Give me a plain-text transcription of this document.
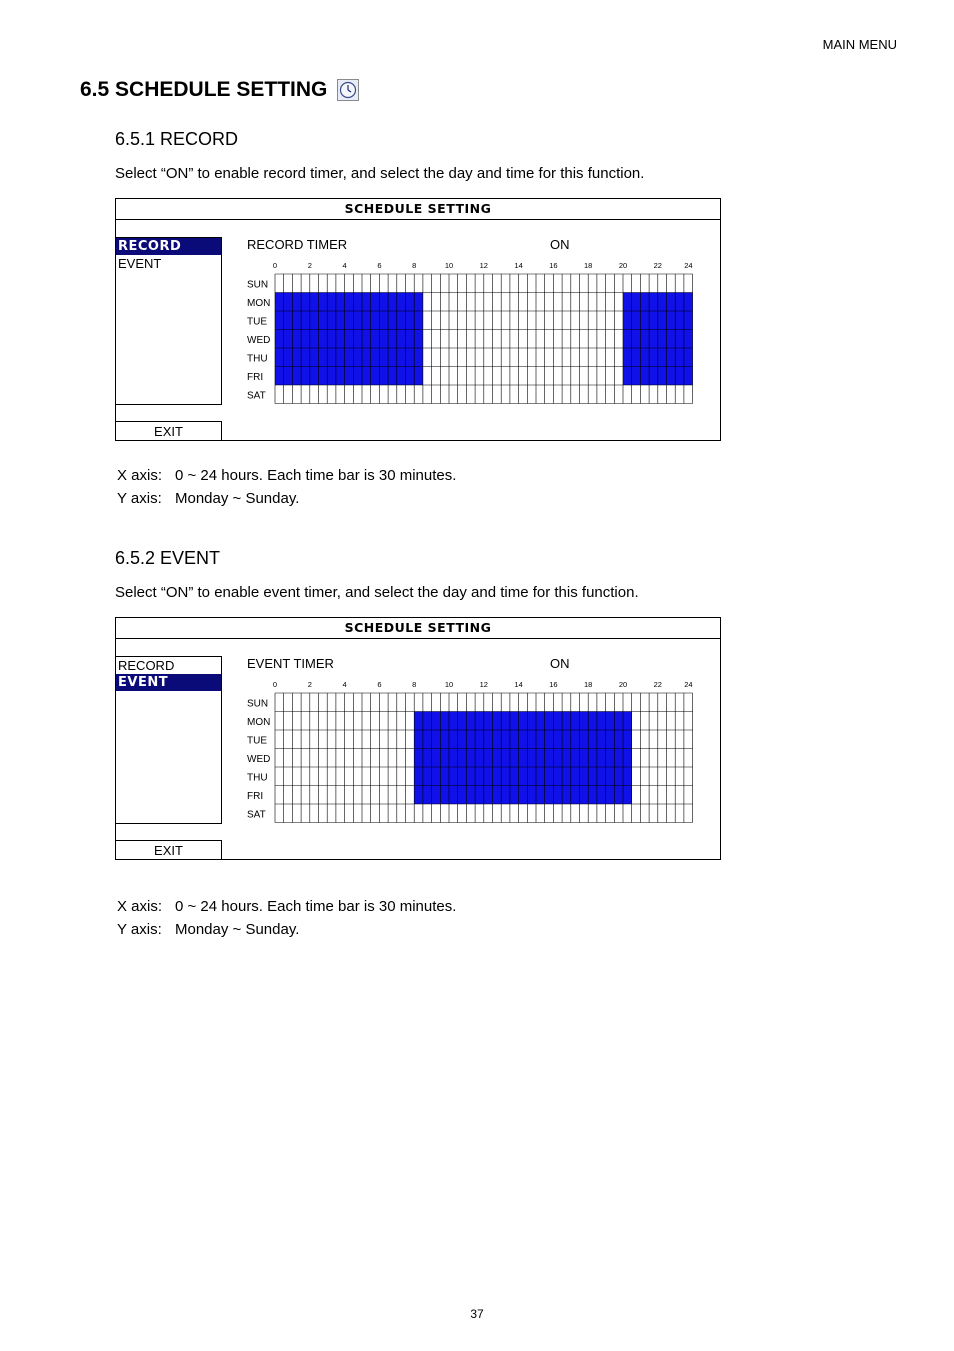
MAIN MENU
6.5 SCHEDULE SETTING
6.5.1 RECORD
Select “ON” to enable record timer, and select the day and time for this function.
SCHEDULE SETTING
RECORD
EVENT
EXIT
RECORD TIMER	ON
0	2	4	6	8	10	12	14	16	18	20	22	24
SUN
MON
TUE
WED
THU
FRI
SAT
X axis: 0 ~ 24 hours. Each time bar is 30 minutes.
Y axis: Monday ~ Sunday.
6.5.2 EVENT
Select “ON” to enable event timer, and select the day and time for this function.
SCHEDULE SETTING
RECORD
EVENT
EXIT
EVENT TIMER	ON
0	2	4	6	8	10	12	14	16	18	20	22	24
SUN
MON
TUE
WED
THU
FRI
SAT
X axis: 0 ~ 24 hours. Each time bar is 30 minutes.
Y axis: Monday ~ Sunday.
37
